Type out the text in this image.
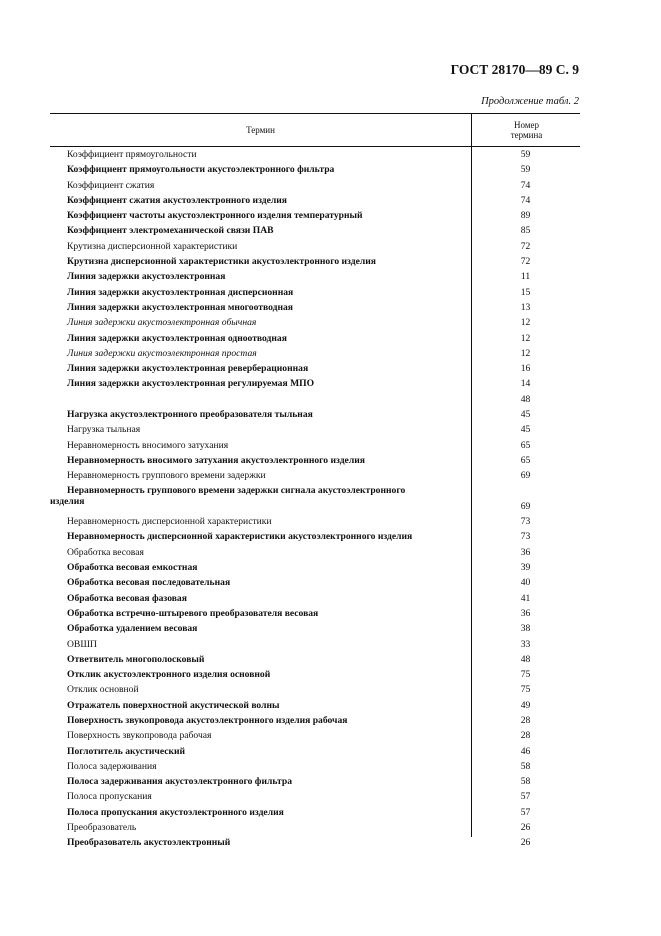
ГОСТ 28170—89 С. 9
Продолжение табл. 2
Термин	Номер
термина
Коэффициент прямоугольности	59
Коэффициент прямоугольности акустоэлектронного фильтра	59
Коэффициент сжатия	74
Коэффициент сжатия акустоэлектронного изделия	74
Коэффициент частоты акустоэлектронного изделия температурный	89
Коэффициент электромеханической связи ПАВ	85
Крутизна дисперсионной характеристики	72
Крутизна дисперсионной характеристики акустоэлектронного изделия	72
Линия задержки акустоэлектронная	11
Линия задержки акустоэлектронная дисперсионная	15
Линия задержки акустоэлектронная многоотводная	13
Линия задержки акустоэлектронная обычная	12
Линия задержки акустоэлектронная одноотводная	12
Линия задержки акустоэлектронная простая	12
Линия задержки акустоэлектронная реверберационная	16
Линия задержки акустоэлектронная регулируемая МПО	14
48
Нагрузка акустоэлектронного преобразователя тыльная	45
Нагрузка тыльная	45
Неравномерность вносимого затухания	65
Неравномерность вносимого затухания акустоэлектронного изделия	65
Неравномерность группового времени задержки	69
Неравномерность группового времени задержки сигнала акустоэлектронного
изделия	69
Неравномерность дисперсионной характеристики	73
Неравномерность дисперсионной характеристики акустоэлектронного изделия	73
Обработка весовая	36
Обработка весовая емкостная	39
Обработка весовая последовательная	40
Обработка весовая фазовая	41
Обработка встречно-штыревого преобразователя весовая	36
Обработка удалением весовая	38
ОВШП	33
Ответвитель многополосковый	48
Отклик акустоэлектронного изделия основной	75
Отклик основной	75
Отражатель поверхностной акустической волны	49
Поверхность звукопровода акустоэлектронного изделия рабочая	28
Поверхность звукопровода рабочая	28
Поглотитель акустический	46
Полоса задерживания	58
Полоса задерживания акустоэлектронного фильтра	58
Полоса пропускания	57
Полоса пропускания акустоэлектронного изделия	57
Преобразователь	26
Преобразователь акустоэлектронный	26
